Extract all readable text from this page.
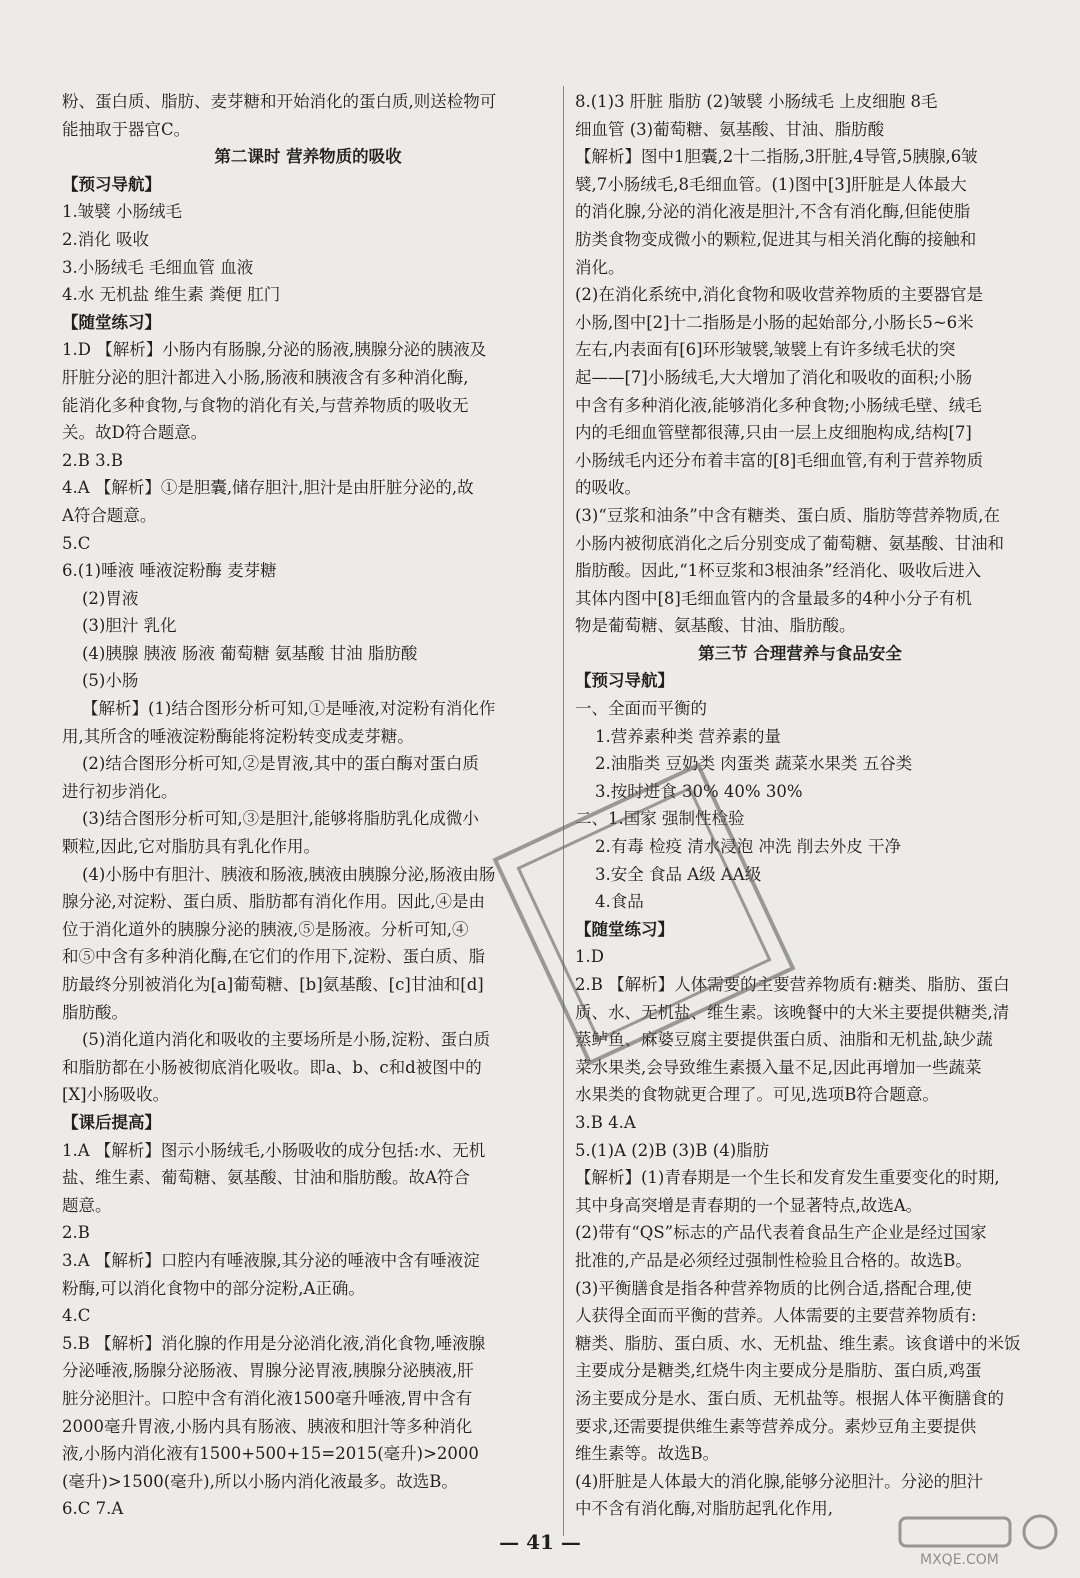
粉、蛋白质、脂肪、麦芽糖和开始消化的蛋白质,则送检物可
能抽取于器官C。
第二课时 营养物质的吸收
【预习导航】
1.皱襞 小肠绒毛
2.消化 吸收
3.小肠绒毛 毛细血管 血液
4.水 无机盐 维生素 粪便 肛门
【随堂练习】
1.D 【解析】小肠内有肠腺,分泌的肠液,胰腺分泌的胰液及
肝脏分泌的胆汁都进入小肠,肠液和胰液含有多种消化酶,
能消化多种食物,与食物的消化有关,与营养物质的吸收无
关。故D符合题意。
2.B 3.B
4.A 【解析】①是胆囊,储存胆汁,胆汁是由肝脏分泌的,故
A符合题意。
5.C
6.(1)唾液 唾液淀粉酶 麦芽糖
(2)胃液
(3)胆汁 乳化
(4)胰腺 胰液 肠液 葡萄糖 氨基酸 甘油 脂肪酸
(5)小肠
【解析】(1)结合图形分析可知,①是唾液,对淀粉有消化作
用,其所含的唾液淀粉酶能将淀粉转变成麦芽糖。
(2)结合图形分析可知,②是胃液,其中的蛋白酶对蛋白质
进行初步消化。
(3)结合图形分析可知,③是胆汁,能够将脂肪乳化成微小
颗粒,因此,它对脂肪具有乳化作用。
(4)小肠中有胆汁、胰液和肠液,胰液由胰腺分泌,肠液由肠
腺分泌,对淀粉、蛋白质、脂肪都有消化作用。因此,④是由
位于消化道外的胰腺分泌的胰液,⑤是肠液。分析可知,④
和⑤中含有多种消化酶,在它们的作用下,淀粉、蛋白质、脂
肪最终分别被消化为[a]葡萄糖、[b]氨基酸、[c]甘油和[d]
脂肪酸。
(5)消化道内消化和吸收的主要场所是小肠,淀粉、蛋白质
和脂肪都在小肠被彻底消化吸收。即a、b、c和d被图中的
[X]小肠吸收。
【课后提高】
1.A 【解析】图示小肠绒毛,小肠吸收的成分包括:水、无机
盐、维生素、葡萄糖、氨基酸、甘油和脂肪酸。故A符合
题意。
2.B
3.A 【解析】口腔内有唾液腺,其分泌的唾液中含有唾液淀
粉酶,可以消化食物中的部分淀粉,A正确。
4.C
5.B 【解析】消化腺的作用是分泌消化液,消化食物,唾液腺
分泌唾液,肠腺分泌肠液、胃腺分泌胃液,胰腺分泌胰液,肝
脏分泌胆汁。口腔中含有消化液1500毫升唾液,胃中含有
2000毫升胃液,小肠内具有肠液、胰液和胆汁等多种消化
液,小肠内消化液有1500+500+15=2015(毫升)>2000
(毫升)>1500(毫升),所以小肠内消化液最多。故选B。
6.C 7.A
8.(1)3 肝脏 脂肪 (2)皱襞 小肠绒毛 上皮细胞 8毛
细血管 (3)葡萄糖、氨基酸、甘油、脂肪酸
【解析】图中1胆囊,2十二指肠,3肝脏,4导管,5胰腺,6皱
襞,7小肠绒毛,8毛细血管。(1)图中[3]肝脏是人体最大
的消化腺,分泌的消化液是胆汁,不含有消化酶,但能使脂
肪类食物变成微小的颗粒,促进其与相关消化酶的接触和
消化。
(2)在消化系统中,消化食物和吸收营养物质的主要器官是
小肠,图中[2]十二指肠是小肠的起始部分,小肠长5~6米
左右,内表面有[6]环形皱襞,皱襞上有许多绒毛状的突
起——[7]小肠绒毛,大大增加了消化和吸收的面积;小肠
中含有多种消化液,能够消化多种食物;小肠绒毛壁、绒毛
内的毛细血管壁都很薄,只由一层上皮细胞构成,结构[7]
小肠绒毛内还分布着丰富的[8]毛细血管,有利于营养物质
的吸收。
(3)“豆浆和油条”中含有糖类、蛋白质、脂肪等营养物质,在
小肠内被彻底消化之后分别变成了葡萄糖、氨基酸、甘油和
脂肪酸。因此,“1杯豆浆和3根油条”经消化、吸收后进入
其体内图中[8]毛细血管内的含量最多的4种小分子有机
物是葡萄糖、氨基酸、甘油、脂肪酸。
第三节 合理营养与食品安全
【预习导航】
一、全面而平衡的
1.营养素种类 营养素的量
2.油脂类 豆奶类 肉蛋类 蔬菜水果类 五谷类
3.按时进食 30% 40% 30%
二、1.国家 强制性检验
2.有毒 检疫 清水浸泡 冲洗 削去外皮 干净
3.安全 食品 A级 AA级
4.食品
【随堂练习】
1.D
2.B 【解析】人体需要的主要营养物质有:糖类、脂肪、蛋白
质、水、无机盐、维生素。该晚餐中的大米主要提供糖类,清
蒸鲈鱼、麻婆豆腐主要提供蛋白质、油脂和无机盐,缺少蔬
菜水果类,会导致维生素摄入量不足,因此再增加一些蔬菜
水果类的食物就更合理了。可见,选项B符合题意。
3.B 4.A
5.(1)A (2)B (3)B (4)脂肪
【解析】(1)青春期是一个生长和发育发生重要变化的时期,
其中身高突增是青春期的一个显著特点,故选A。
(2)带有“QS”标志的产品代表着食品生产企业是经过国家
批准的,产品是必须经过强制性检验且合格的。故选B。
(3)平衡膳食是指各种营养物质的比例合适,搭配合理,使
人获得全面而平衡的营养。人体需要的主要营养物质有:
糖类、脂肪、蛋白质、水、无机盐、维生素。该食谱中的米饭
主要成分是糖类,红烧牛肉主要成分是脂肪、蛋白质,鸡蛋
汤主要成分是水、蛋白质、无机盐等。根据人体平衡膳食的
要求,还需要提供维生素等营养成分。素炒豆角主要提供
维生素等。故选B。
(4)肝脏是人体最大的消化腺,能够分泌胆汁。分泌的胆汁
中不含有消化酶,对脂肪起乳化作用,
— 41 —
MXQE.COM
